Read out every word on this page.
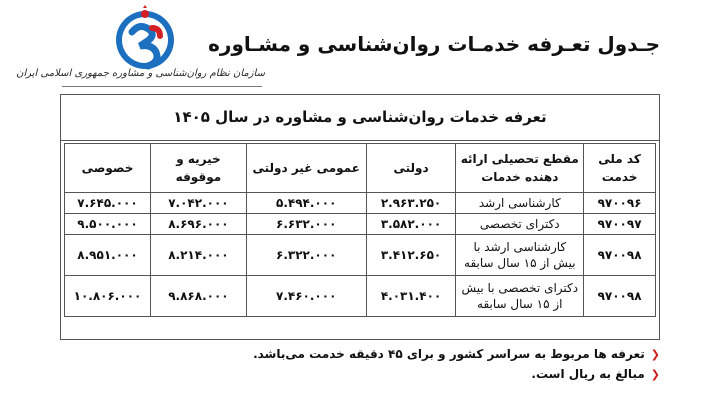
سازمان نظام روان‌شناسی و مشاوره جمهوری اسلامی ایران
جـدول تعـرفه خدمـات روان‌شناسی و مشـاوره
تعرفه خدمات روان‌شناسی و مشاوره در سال ۱۴۰۵
کد ملی خدمت	مقطع تحصیلی ارائه دهنده خدمات	دولتی	عمومی غیر دولتی	خیریه و موقوفه	خصوصی
۹۷۰۰۹۶	کارشناسی ارشد	۲.۹۶۳.۲۵۰	۵.۴۹۴.۰۰۰	۷.۰۴۲.۰۰۰	۷.۶۴۵.۰۰۰
۹۷۰۰۹۷	دکترای تخصصی	۳.۵۸۲.۰۰۰	۶.۶۳۲.۰۰۰	۸.۶۹۶.۰۰۰	۹.۵۰۰.۰۰۰
۹۷۰۰۹۸	کارشناسی ارشد با بیش از ۱۵ سال سابقه	۳.۴۱۲.۶۵۰	۶.۳۲۲.۰۰۰	۸.۲۱۴.۰۰۰	۸.۹۵۱.۰۰۰
۹۷۰۰۹۸	دکترای تخصصی با بیش از ۱۵ سال سابقه	۴.۰۳۱.۴۰۰	۷.۴۶۰.۰۰۰	۹.۸۶۸.۰۰۰	۱۰.۸۰۶.۰۰۰
❮تعرفه ها مربوط به سراسر کشور و برای ۴۵ دقیقه خدمت می‌باشد.
❮مبالغ به ریال است.
